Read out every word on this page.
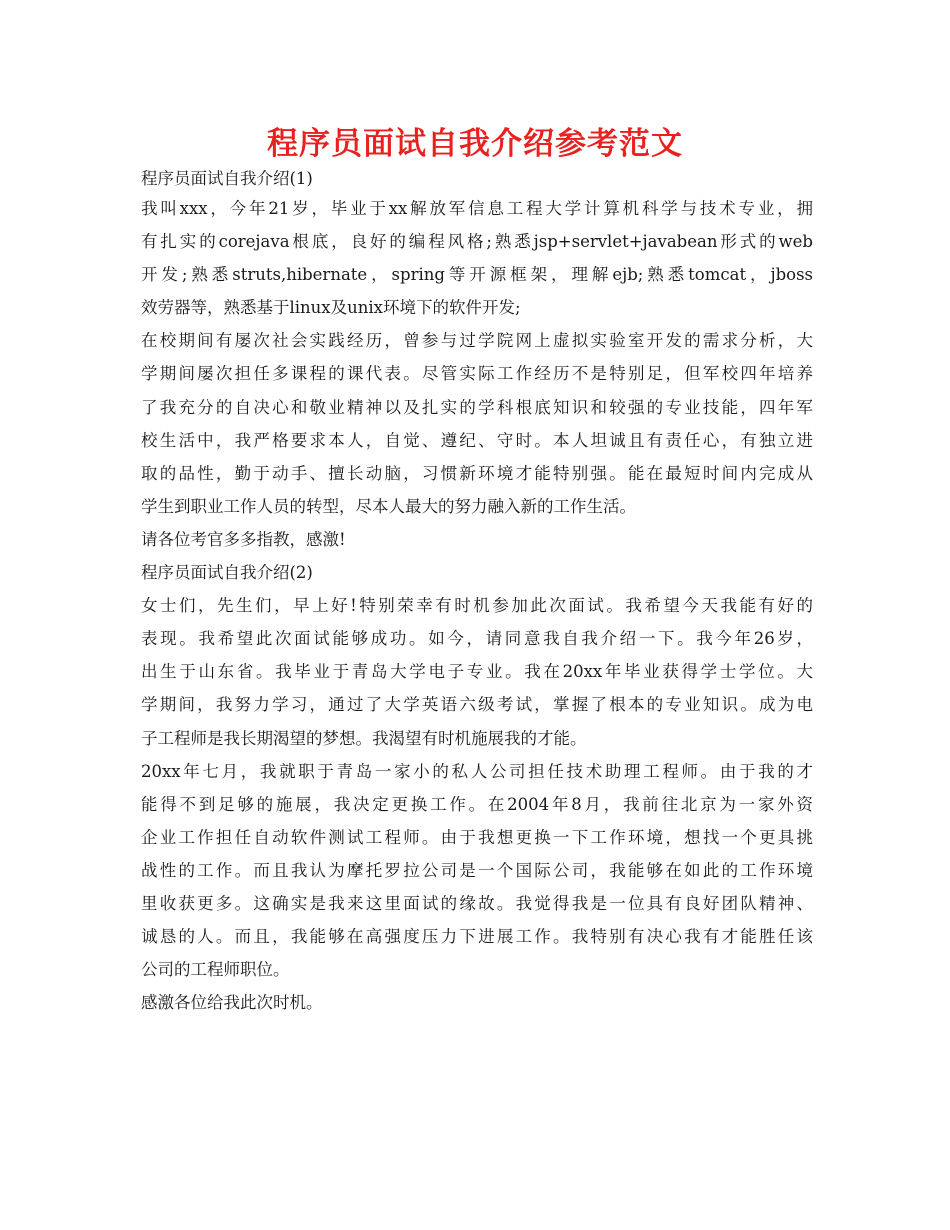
程序员面试自我介绍参考范文
程序员面试自我介绍(1)
我叫xxx，今年21岁，毕业于xx解放军信息工程大学计算机科学与技术专业，拥
有扎实的corejava根底，良好的编程风格;熟悉jsp+servlet+javabean形式的web
开发;熟悉struts,hibernate，spring等开源框架，理解ejb;熟悉tomcat，jboss
效劳器等，熟悉基于linux及unix环境下的软件开发;
在校期间有屡次社会实践经历，曾参与过学院网上虚拟实验室开发的需求分析，大
学期间屡次担任多课程的课代表。尽管实际工作经历不是特别足，但军校四年培养
了我充分的自决心和敬业精神以及扎实的学科根底知识和较强的专业技能，四年军
校生活中，我严格要求本人，自觉、遵纪、守时。本人坦诚且有责任心，有独立进
取的品性，勤于动手、擅长动脑，习惯新环境才能特别强。能在最短时间内完成从
学生到职业工作人员的转型，尽本人最大的努力融入新的工作生活。
请各位考官多多指教，感激!
程序员面试自我介绍(2)
女士们，先生们，早上好!特别荣幸有时机参加此次面试。我希望今天我能有好的
表现。我希望此次面试能够成功。如今，请同意我自我介绍一下。我今年26岁，
出生于山东省。我毕业于青岛大学电子专业。我在20xx年毕业获得学士学位。大
学期间，我努力学习，通过了大学英语六级考试，掌握了根本的专业知识。成为电
子工程师是我长期渴望的梦想。我渴望有时机施展我的才能。
20xx年七月，我就职于青岛一家小的私人公司担任技术助理工程师。由于我的才
能得不到足够的施展，我决定更换工作。在2004年8月，我前往北京为一家外资
企业工作担任自动软件测试工程师。由于我想更换一下工作环境，想找一个更具挑
战性的工作。而且我认为摩托罗拉公司是一个国际公司，我能够在如此的工作环境
里收获更多。这确实是我来这里面试的缘故。我觉得我是一位具有良好团队精神、
诚恳的人。而且，我能够在高强度压力下进展工作。我特别有决心我有才能胜任该
公司的工程师职位。
感激各位给我此次时机。
